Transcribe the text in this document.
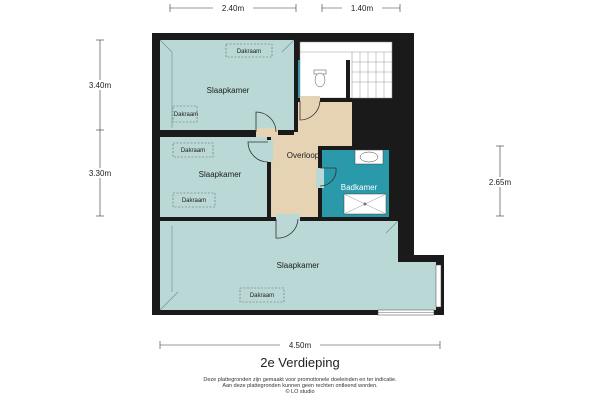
Slaapkamer
Slaapkamer
Slaapkamer
Overloop
WC
Badkamer
Dakraam
Dakraam
Dakraam
Dakraam
Dakraam
2.40m	1.40m
3.40m
3.30m
2.65m
4.50m
2e Verdieping
Deze plattegronden zijn gemaakt voor promotionele doeleinden en ter indicatie.
Aan deze plattegronden kunnen geen rechten ontleend worden.
© LO studio
